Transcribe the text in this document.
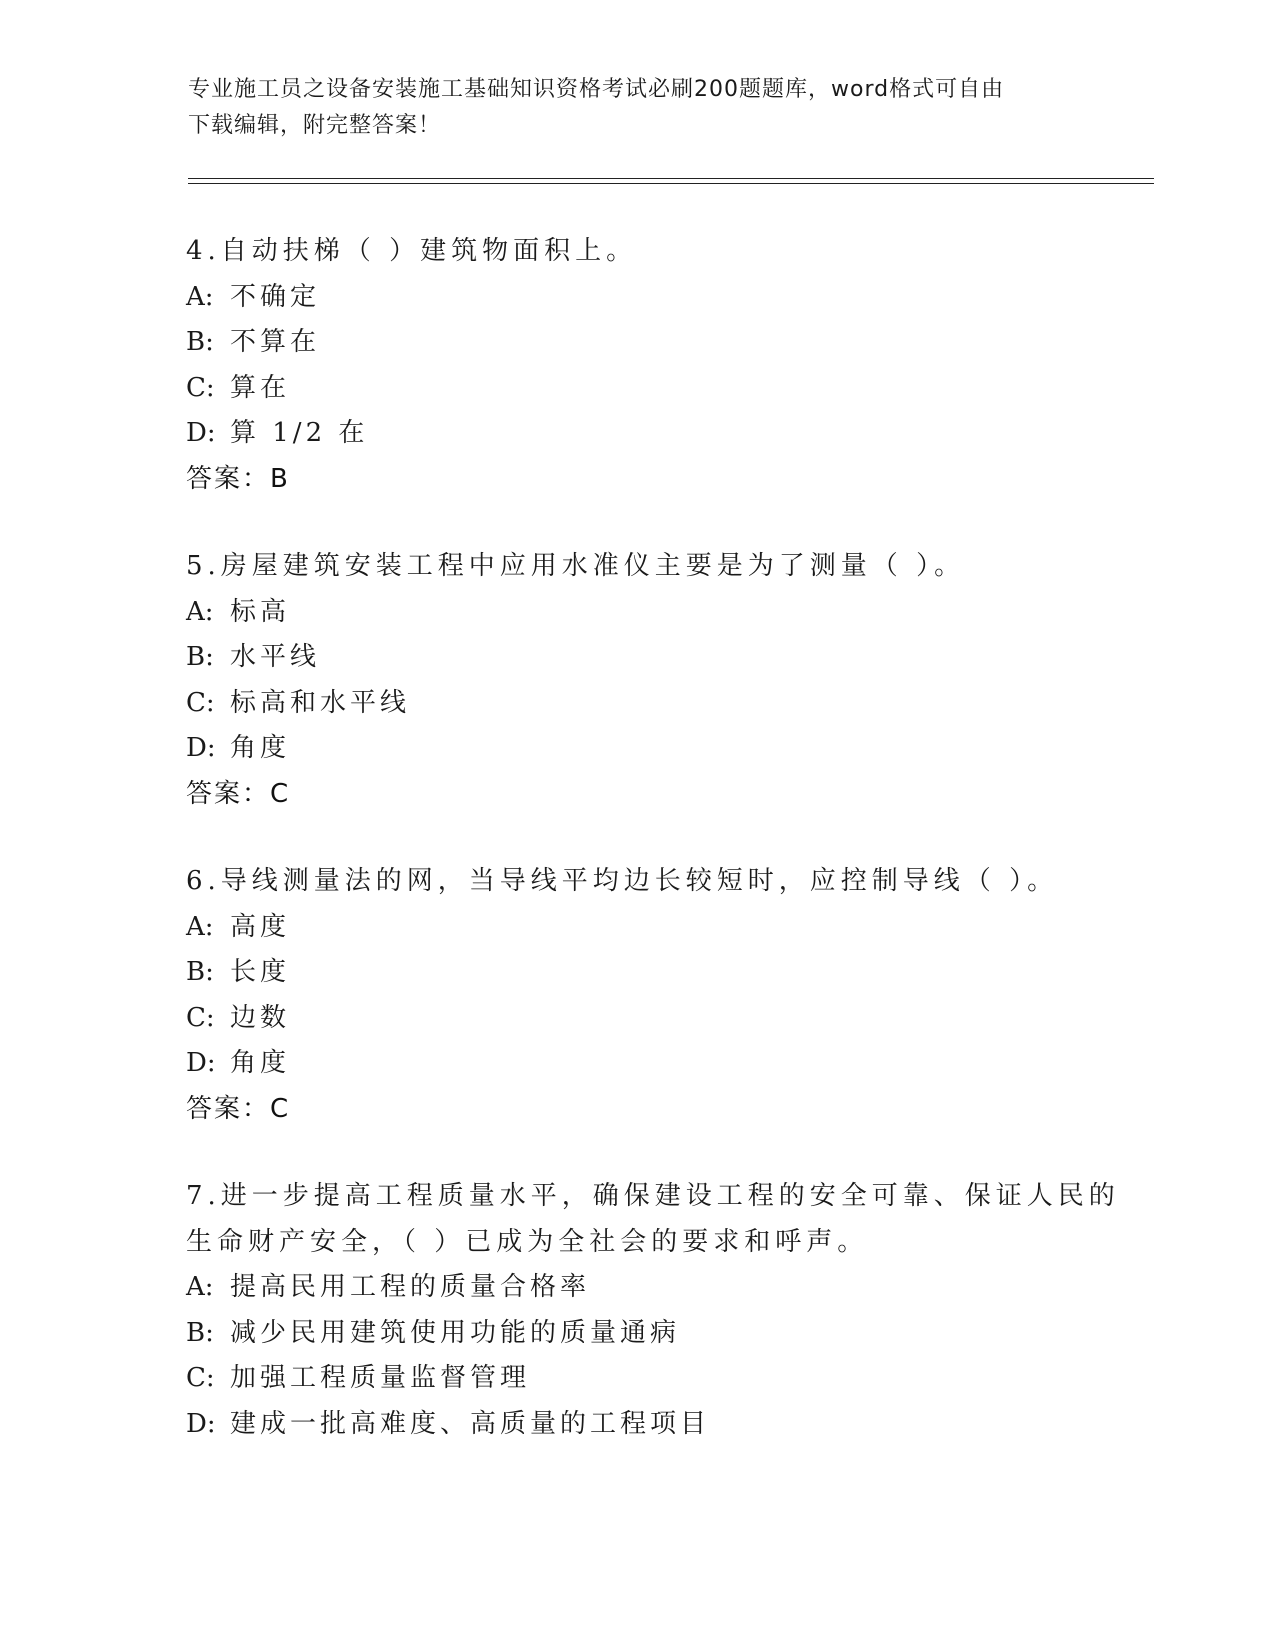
专业施工员之设备安装施工基础知识资格考试必刷200题题库，word格式可自由
下载编辑，附完整答案！
4.自动扶梯（ ）建筑物面积上。
A: 不确定
B: 不算在
C: 算在
D: 算 1/2 在
答案：B
5.房屋建筑安装工程中应用水准仪主要是为了测量（ ）。
A: 标高
B: 水平线
C: 标高和水平线
D: 角度
答案：C
6.导线测量法的网，当导线平均边长较短时，应控制导线（ ）。
A: 高度
B: 长度
C: 边数
D: 角度
答案：C
7.进一步提高工程质量水平，确保建设工程的安全可靠、保证人民的
生命财产安全，（ ）已成为全社会的要求和呼声。
A: 提高民用工程的质量合格率
B: 减少民用建筑使用功能的质量通病
C: 加强工程质量监督管理
D: 建成一批高难度、高质量的工程项目
